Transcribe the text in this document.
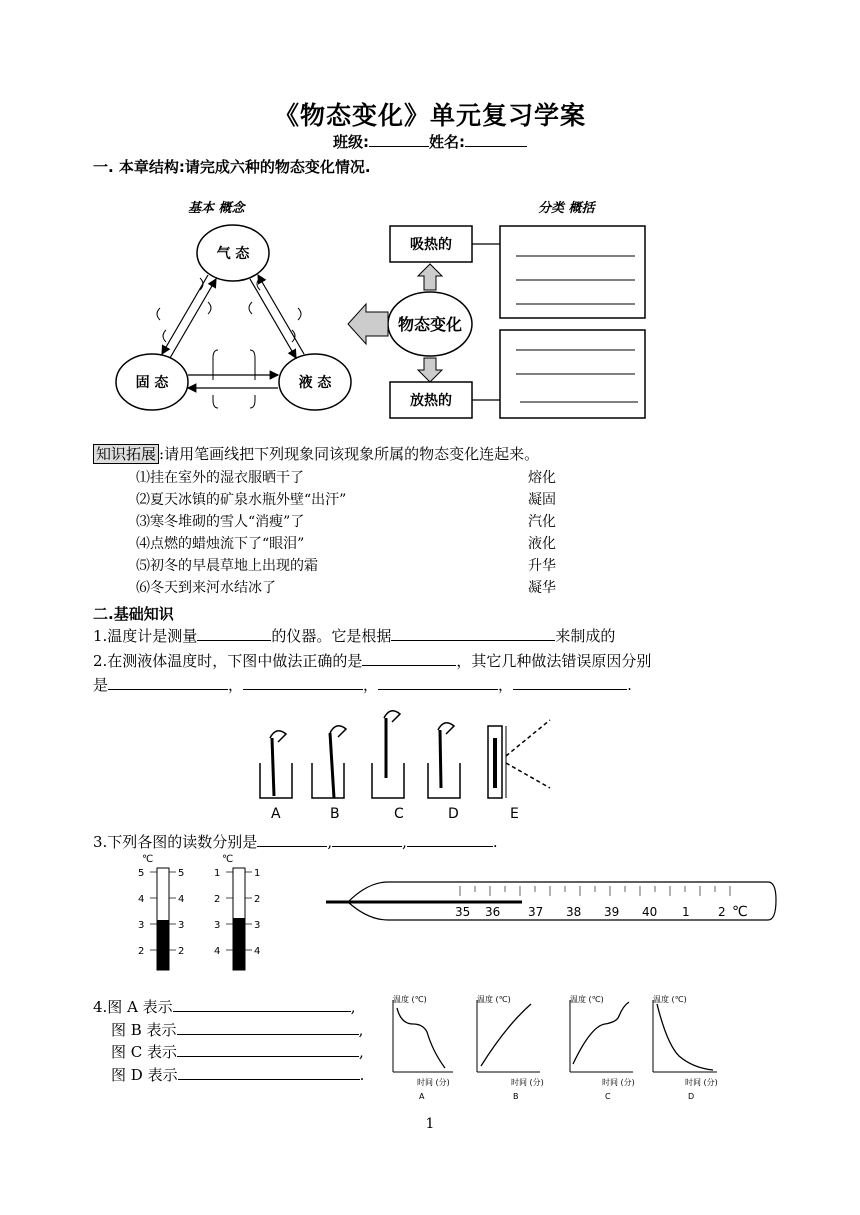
《物态变化》单元复习学案
班级:	姓名:
一. 本章结构:请完成六种的物态变化情况.
基本 概念	分类 概括
气 态
固 态	液 态
物态变化
吸热的
放热的
知识拓展 :请用笔画线把下列现象同该现象所属的物态变化连起来。
⑴挂在室外的湿衣服晒干了	熔化
⑵夏天冰镇的矿泉水瓶外壁“出汗”	凝固
⑶寒冬堆砌的雪人“消瘦”了	汽化
⑷点燃的蜡烛流下了“眼泪”	液化
⑸初冬的早晨草地上出现的霜	升华
⑹冬天到来河水结冰了	凝华
二.基础知识
1.温度计是测量	的仪器。它是根据	来制成的
2.在测液体温度时，下图中做法正确的是	，其它几种做法错误原因分别
是	，	，	，	.
A	B	C	D	E
3.下列各图的读数分别是	,	,	.
℃
5	5
4	4
3	3
2	2
℃
1	1
2	2
3	3
4	4
35 36 37 38 39 40 1 2 ℃
4.图 A 表示	,
图 B 表示	,
图 C 表示	,
图 D 表示	.
温度 (℃)	温度 (℃)	温度 (℃)	温度 (℃)
时间 (分)	时间 (分)	时间 (分)	时间 (分)
A	B	C	D
1
